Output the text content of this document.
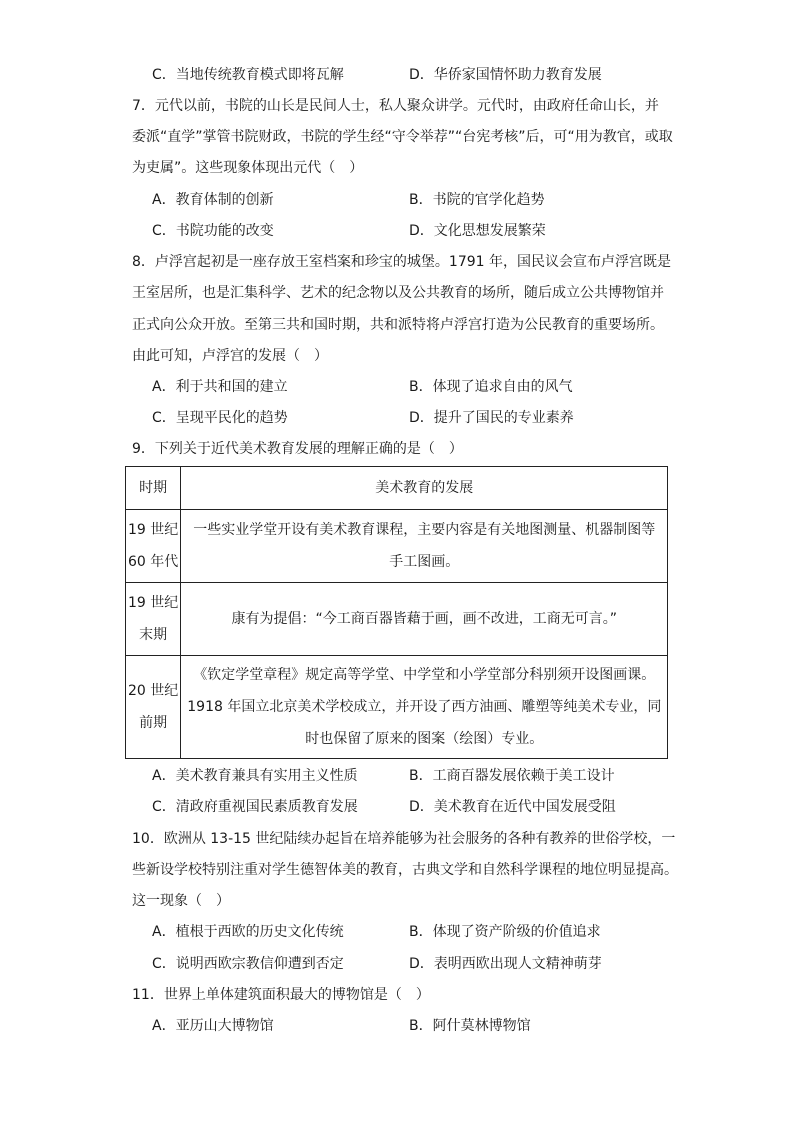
C．当地传统教育模式即将瓦解	D．华侨家国情怀助力教育发展
7．元代以前，书院的山长是民间人士，私人聚众讲学。元代时，由政府任命山长，并
委派“直学”掌管书院财政，书院的学生经“守令举荐”“台宪考核”后，可“用为教官，或取
为吏属”。这些现象体现出元代（　）
A．教育体制的创新	B．书院的官学化趋势
C．书院功能的改变	D．文化思想发展繁荣
8．卢浮宫起初是一座存放王室档案和珍宝的城堡。1791 年，国民议会宣布卢浮宫既是
王室居所，也是汇集科学、艺术的纪念物以及公共教育的场所，随后成立公共博物馆并
正式向公众开放。至第三共和国时期，共和派特将卢浮宫打造为公民教育的重要场所。
由此可知，卢浮宫的发展（　）
A．利于共和国的建立	B．体现了追求自由的风气
C．呈现平民化的趋势	D．提升了国民的专业素养
9．下列关于近代美术教育发展的理解正确的是（　）
时期	美术教育的发展

19 世纪
60 年代	一些实业学堂开设有美术教育课程，主要内容是有关地图测量、机器制图等
手工图画。

19 世纪
末期	康有为提倡：“今工商百器皆藉于画，画不改进，工商无可言。”

20 世纪
前期	《钦定学堂章程》规定高等学堂、中学堂和小学堂部分科别须开设图画课。
1918 年国立北京美术学校成立，并开设了西方油画、雕塑等纯美术专业，同
时也保留了原来的图案（绘图）专业。
A．美术教育兼具有实用主义性质	B．工商百器发展依赖于美工设计
C．清政府重视国民素质教育发展	D．美术教育在近代中国发展受阻
10．欧洲从 13-15 世纪陆续办起旨在培养能够为社会服务的各种有教养的世俗学校，一
些新设学校特别注重对学生德智体美的教育，古典文学和自然科学课程的地位明显提高。
这一现象（　）
A．植根于西欧的历史文化传统	B．体现了资产阶级的价值追求
C．说明西欧宗教信仰遭到否定	D．表明西欧出现人文精神萌芽
11．世界上单体建筑面积最大的博物馆是（　）
A．亚历山大博物馆	B．阿什莫林博物馆
